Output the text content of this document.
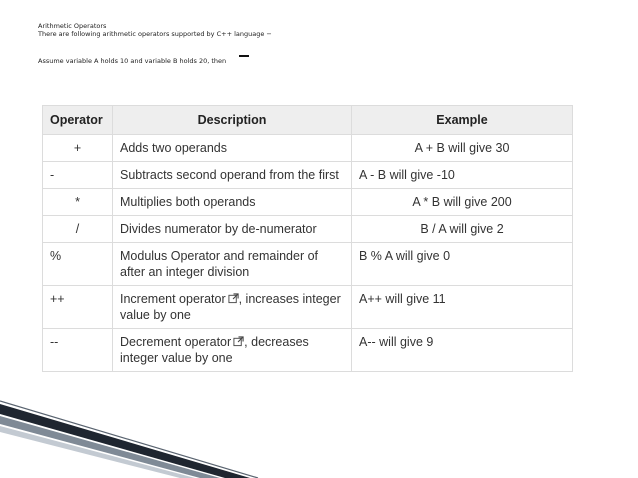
Arithmetic Operators
There are following arithmetic operators supported by C++ language −
Assume variable A holds 10 and variable B holds 20, then
Operator	Description	Example
+	Adds two operands	A + B will give 30
-	Subtracts second operand from the first	A - B will give -10
*	Multiplies both operands	A * B will give 200
/	Divides numerator by de-numerator	B / A will give 2
%	Modulus Operator and remainder of after an integer division	B % A will give 0
++	Increment operator , increases integer value by one	A++ will give 11
--	Decrement operator , decreases integer value by one	A-- will give 9
